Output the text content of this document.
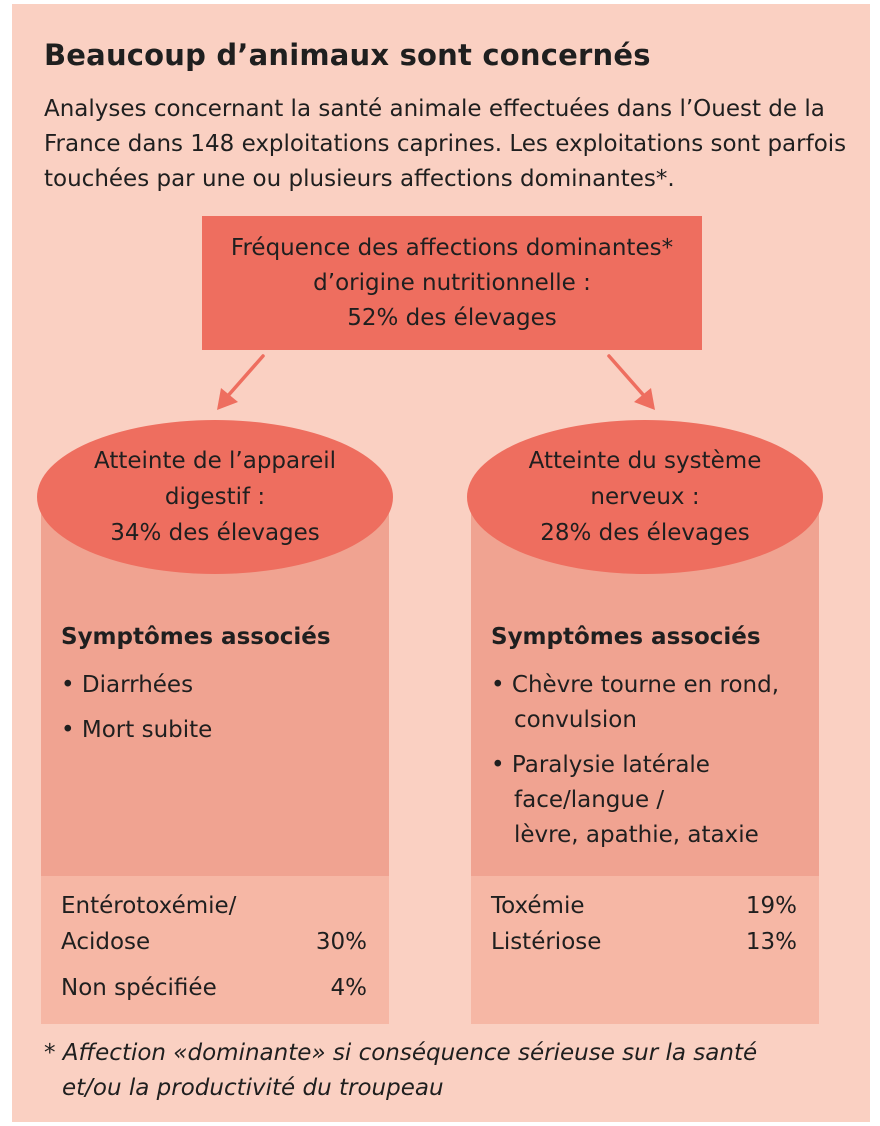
Beaucoup d’animaux sont concernés

Analyses concernant la santé animale effectuées dans l’Ouest de la
France dans 148 exploitations caprines. Les exploitations sont parfois
touchées par une ou plusieurs affections dominantes*.

Fréquence des affections dominantes*
d’origine nutritionnelle :
52% des élevages

Symptômes associés

• Diarrhées
• Mort subite
Entérotoxémie/
Acidose	30%
Non spécifiée	4%
Atteinte de l’appareil
digestif :
34% des élevages

Symptômes associés

• Chèvre tourne en rond,
convulsion
• Paralysie latérale
face/langue /
lèvre, apathie, ataxie
Toxémie	19%
Listériose	13%
Atteinte du système
nerveux :
28% des élevages

* Affection «dominante» si conséquence sérieuse sur la santé
et/ou la productivité du troupeau
